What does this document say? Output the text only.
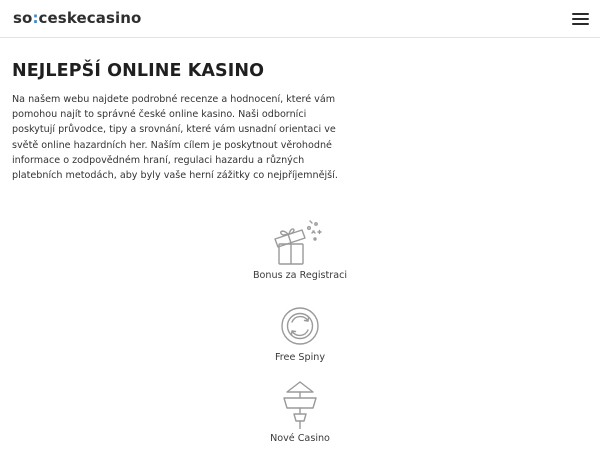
so:ceskecasino
NEJLEPŠÍ ONLINE KASINO

Na našem webu najdete podrobné recenze a hodnocení, které vám pomohou najít to správné české online kasino. Naši odborníci poskytují průvodce, tipy a srovnání, které vám usnadní orientaci ve světě online hazardních her. Naším cílem je poskytnout věrohodné informace o zodpovědném hraní, regulaci hazardu a různých platebních metodách, aby byly vaše herní zážitky co nejpříjemnější.

Bonus za Registraci
Free Spiny
Nové Casino
